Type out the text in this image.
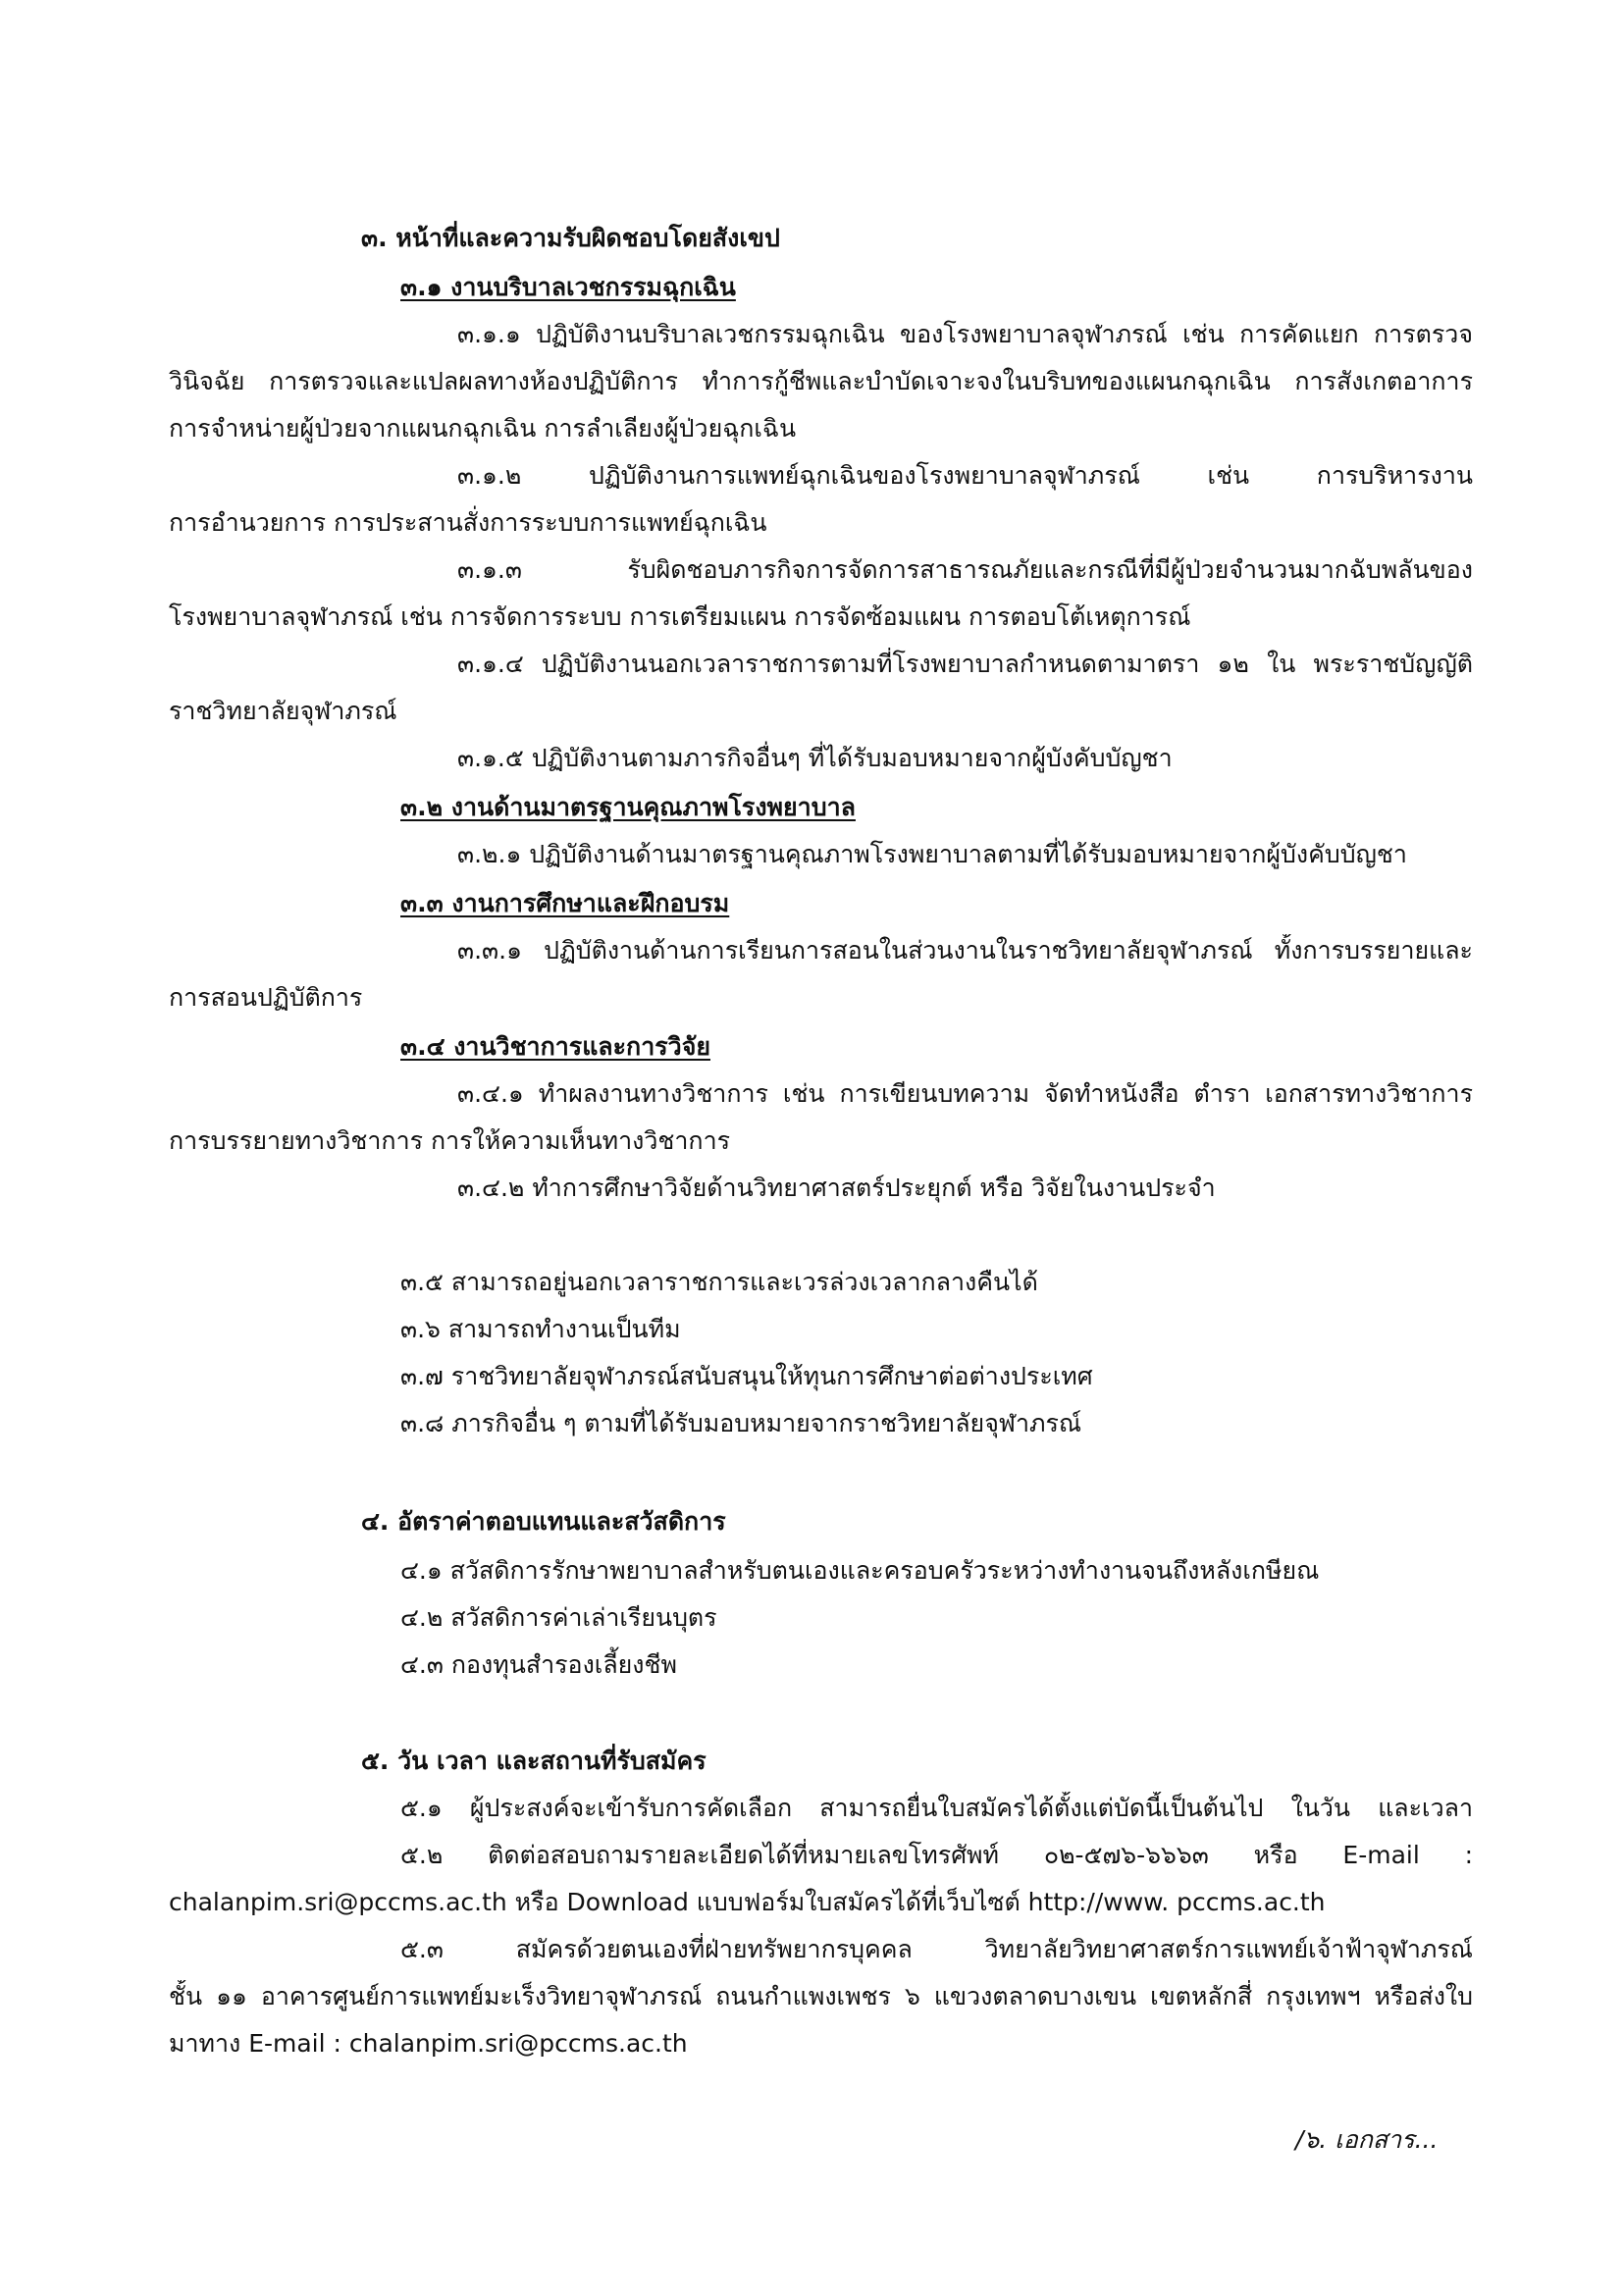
๓. หน้าที่และความรับผิดชอบโดยสังเขป
๓.๑ งานบริบาลเวชกรรมฉุกเฉิน
๓.๑.๑ ปฏิบัติงานบริบาลเวชกรรมฉุกเฉิน ของโรงพยาบาลจุฬาภรณ์ เช่น การคัดแยก การตรวจ
วินิจฉัย การตรวจและแปลผลทางห้องปฏิบัติการ ทำการกู้ชีพและบำบัดเจาะจงในบริบทของแผนกฉุกเฉิน การสังเกตอาการ
การจำหน่ายผู้ป่วยจากแผนกฉุกเฉิน การลำเลียงผู้ป่วยฉุกเฉิน
๓.๑.๒ ปฏิบัติงานการแพทย์ฉุกเฉินของโรงพยาบาลจุฬาภรณ์ เช่น การบริหารงาน
การอำนวยการ การประสานสั่งการระบบการแพทย์ฉุกเฉิน
๓.๑.๓ รับผิดชอบภารกิจการจัดการสาธารณภัยและกรณีที่มีผู้ป่วยจำนวนมากฉับพลันของ
โรงพยาบาลจุฬาภรณ์ เช่น การจัดการระบบ การเตรียมแผน การจัดซ้อมแผน การตอบโต้เหตุการณ์
๓.๑.๔ ปฏิบัติงานนอกเวลาราชการตามที่โรงพยาบาลกำหนดตามาตรา ๑๒ ใน พระราชบัญญัติ
ราชวิทยาลัยจุฬาภรณ์
๓.๑.๕ ปฏิบัติงานตามภารกิจอื่นๆ ที่ได้รับมอบหมายจากผู้บังคับบัญชา
๓.๒ งานด้านมาตรฐานคุณภาพโรงพยาบาล
๓.๒.๑ ปฏิบัติงานด้านมาตรฐานคุณภาพโรงพยาบาลตามที่ได้รับมอบหมายจากผู้บังคับบัญชา
๓.๓ งานการศึกษาและฝึกอบรม
๓.๓.๑ ปฏิบัติงานด้านการเรียนการสอนในส่วนงานในราชวิทยาลัยจุฬาภรณ์ ทั้งการบรรยายและ
การสอนปฏิบัติการ
๓.๔ งานวิชาการและการวิจัย
๓.๔.๑ ทำผลงานทางวิชาการ เช่น การเขียนบทความ จัดทำหนังสือ ตำรา เอกสารทางวิชาการ
การบรรยายทางวิชาการ การให้ความเห็นทางวิชาการ
๓.๔.๒ ทำการศึกษาวิจัยด้านวิทยาศาสตร์ประยุกต์ หรือ วิจัยในงานประจำ
๓.๕ สามารถอยู่นอกเวลาราชการและเวรล่วงเวลากลางคืนได้
๓.๖ สามารถทำงานเป็นทีม
๓.๗ ราชวิทยาลัยจุฬาภรณ์สนับสนุนให้ทุนการศึกษาต่อต่างประเทศ
๓.๘ ภารกิจอื่น ๆ ตามที่ได้รับมอบหมายจากราชวิทยาลัยจุฬาภรณ์
๔. อัตราค่าตอบแทนและสวัสดิการ
๔.๑ สวัสดิการรักษาพยาบาลสำหรับตนเองและครอบครัวระหว่างทำงานจนถึงหลังเกษียณ
๔.๒ สวัสดิการค่าเล่าเรียนบุตร
๔.๓ กองทุนสำรองเลี้ยงชีพ
๕. วัน เวลา และสถานที่รับสมัคร
๕.๑ ผู้ประสงค์จะเข้ารับการคัดเลือก สามารถยื่นใบสมัครได้ตั้งแต่บัดนี้เป็นต้นไป ในวัน และเวลา
๕.๒ ติดต่อสอบถามรายละเอียดได้ที่หมายเลขโทรศัพท์ ๐๒-๕๗๖-๖๖๖๓ หรือ E-mail :
chalanpim.sri@pccms.ac.th หรือ Download แบบฟอร์มใบสมัครได้ที่เว็บไซต์ http://www. pccms.ac.th
๕.๓ สมัครด้วยตนเองที่ฝ่ายทรัพยากรบุคคล วิทยาลัยวิทยาศาสตร์การแพทย์เจ้าฟ้าจุฬาภรณ์
ชั้น ๑๑ อาคารศูนย์การแพทย์มะเร็งวิทยาจุฬาภรณ์ ถนนกำแพงเพชร ๖ แขวงตลาดบางเขน เขตหลักสี่ กรุงเทพฯ หรือส่งใบ
มาทาง E-mail : chalanpim.sri@pccms.ac.th
/๖. เอกสาร...
